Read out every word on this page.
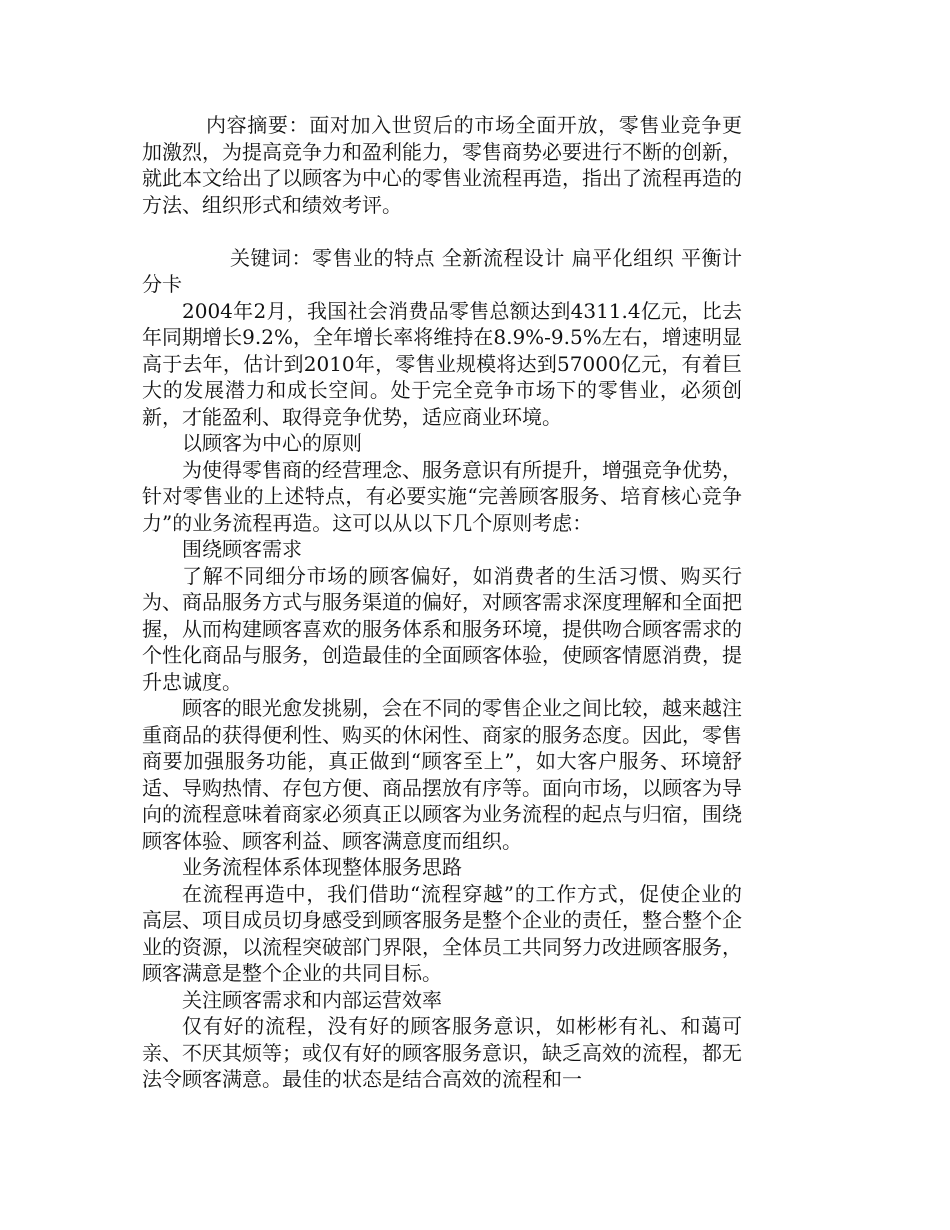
内容摘要：面对加入世贸后的市场全面开放，零售业竞争更加激烈，为提高竞争力和盈利能力，零售商势必要进行不断的创新，就此本文给出了以顾客为中心的零售业流程再造，指出了流程再造的方法、组织形式和绩效考评。

关键词：零售业的特点 全新流程设计 扁平化组织 平衡计分卡

2004年2月，我国社会消费品零售总额达到4311.4亿元，比去年同期增长9.2%，全年增长率将维持在8.9%-9.5%左右，增速明显高于去年，估计到2010年，零售业规模将达到57000亿元，有着巨大的发展潜力和成长空间。处于完全竞争市场下的零售业，必须创新，才能盈利、取得竞争优势，适应商业环境。

以顾客为中心的原则

为使得零售商的经营理念、服务意识有所提升，增强竞争优势，针对零售业的上述特点，有必要实施“完善顾客服务、培育核心竞争力”的业务流程再造。这可以从以下几个原则考虑：

围绕顾客需求

了解不同细分市场的顾客偏好，如消费者的生活习惯、购买行为、商品服务方式与服务渠道的偏好，对顾客需求深度理解和全面把握，从而构建顾客喜欢的服务体系和服务环境，提供吻合顾客需求的个性化商品与服务，创造最佳的全面顾客体验，使顾客情愿消费，提升忠诚度。

顾客的眼光愈发挑剔，会在不同的零售企业之间比较，越来越注重商品的获得便利性、购买的休闲性、商家的服务态度。因此，零售商要加强服务功能，真正做到“顾客至上”，如大客户服务、环境舒适、导购热情、存包方便、商品摆放有序等。面向市场，以顾客为导向的流程意味着商家必须真正以顾客为业务流程的起点与归宿，围绕顾客体验、顾客利益、顾客满意度而组织。

业务流程体系体现整体服务思路

在流程再造中，我们借助“流程穿越”的工作方式，促使企业的高层、项目成员切身感受到顾客服务是整个企业的责任，整合整个企业的资源，以流程突破部门界限，全体员工共同努力改进顾客服务，顾客满意是整个企业的共同目标。

关注顾客需求和内部运营效率

仅有好的流程，没有好的顾客服务意识，如彬彬有礼、和蔼可亲、不厌其烦等；或仅有好的顾客服务意识，缺乏高效的流程，都无法令顾客满意。最佳的状态是结合高效的流程和一
